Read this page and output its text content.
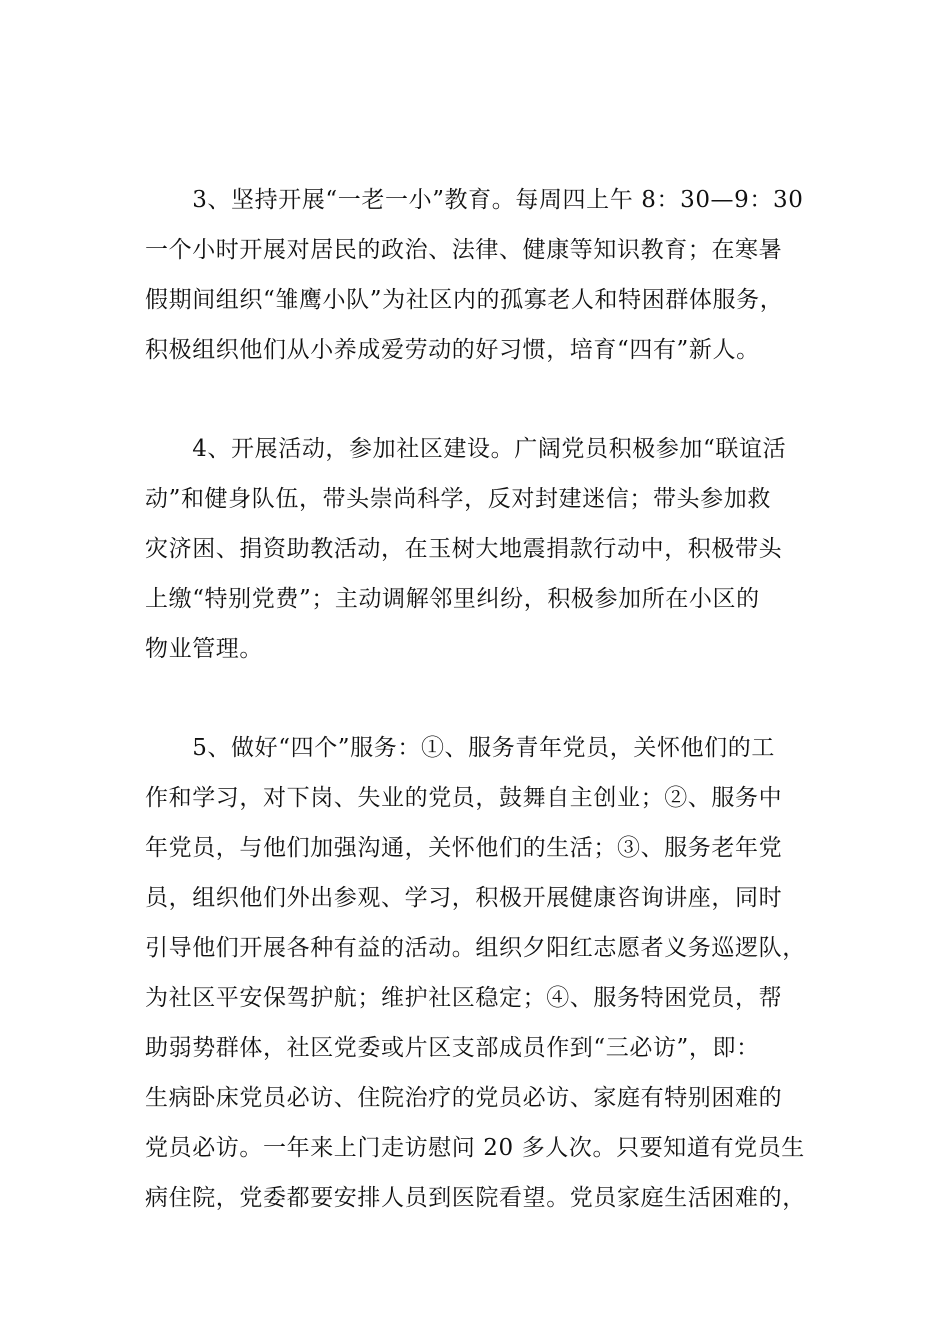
　　3、坚持开展“一老一小”教育。每周四上午 8：30—9：30
一个小时开展对居民的政治、法律、健康等知识教育；在寒暑
假期间组织“雏鹰小队”为社区内的孤寡老人和特困群体服务，
积极组织他们从小养成爱劳动的好习惯，培育“四有”新人。
　　4、开展活动，参加社区建设。广阔党员积极参加“联谊活
动”和健身队伍，带头崇尚科学，反对封建迷信；带头参加救
灾济困、捐资助教活动，在玉树大地震捐款行动中，积极带头
上缴“特别党费”；主动调解邻里纠纷，积极参加所在小区的
物业管理。
　　5、做好“四个”服务：①、服务青年党员，关怀他们的工
作和学习，对下岗、失业的党员，鼓舞自主创业；②、服务中
年党员，与他们加强沟通，关怀他们的生活；③、服务老年党
员，组织他们外出参观、学习，积极开展健康咨询讲座，同时
引导他们开展各种有益的活动。组织夕阳红志愿者义务巡逻队，
为社区平安保驾护航；维护社区稳定；④、服务特困党员，帮
助弱势群体，社区党委或片区支部成员作到“三必访”，即：
生病卧床党员必访、住院治疗的党员必访、家庭有特别困难的
党员必访。一年来上门走访慰问 20 多人次。只要知道有党员生
病住院，党委都要安排人员到医院看望。党员家庭生活困难的，
